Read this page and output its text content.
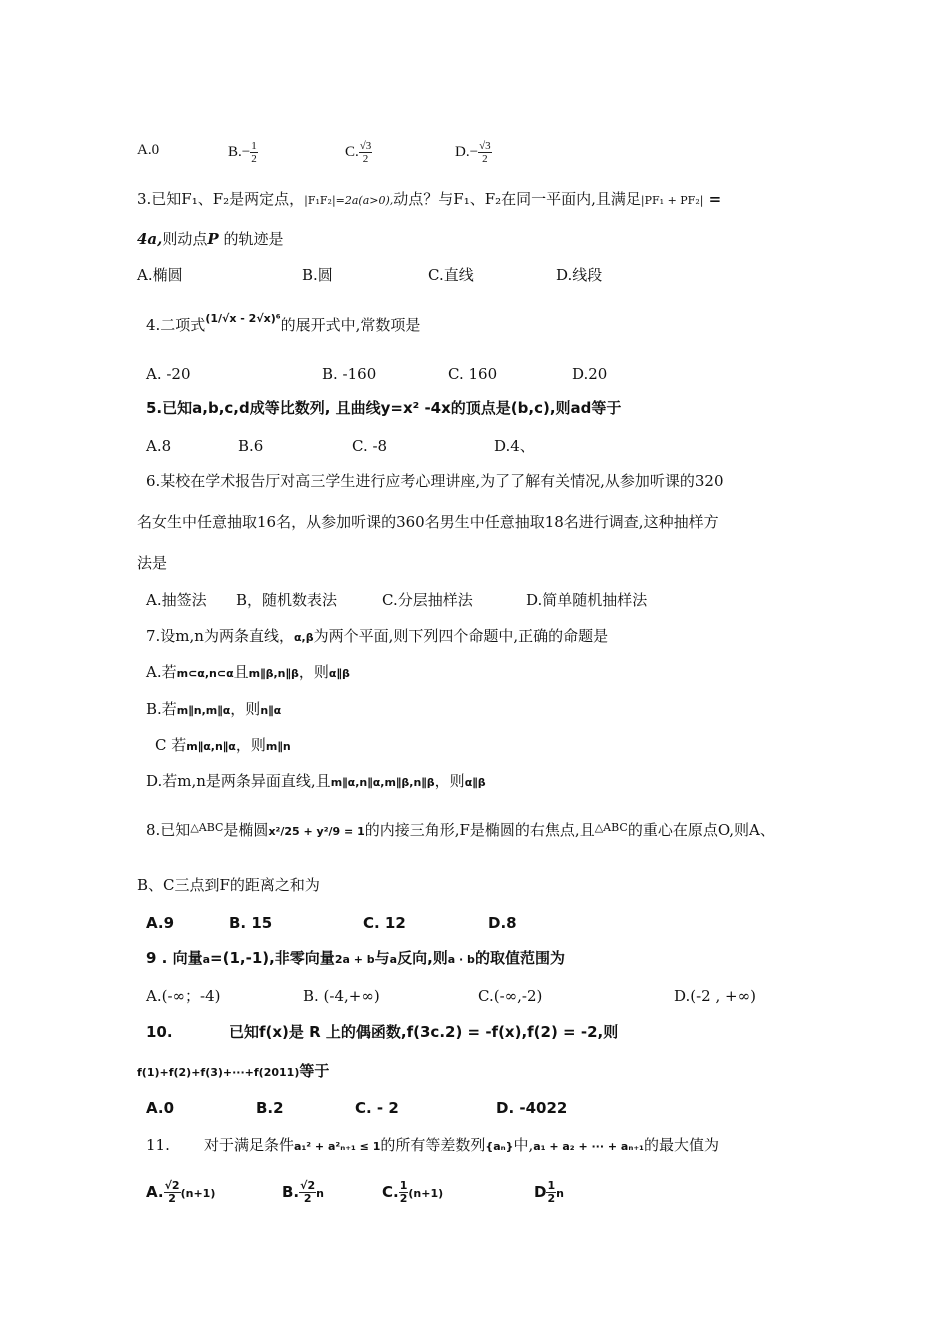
A.0	$B.- \frac{1}{2}$	C. $\frac{√3}{2}$	$D.- \frac{√3}{2}$
3.已知F₁、F₂是两定点，|F₁F₂|=2a(a>0),动点？与F₁、F₂在同一平面内,且满足|PF₁ + PF₂| =
4a,则动点P 的轨迹是
A.椭圆	B.圆	C.直线	D.线段
4.二项式$^{(1/√x - 2√x)^6}$的展开式中,常数项是
A. -20	B. -160	C. 160	D.20
5.已知a,b,c,d成等比数列, 且曲线y=x² -4x的顶点是(b,c),则ad等于
A.8	B.6	C. -8	D.4、
6.某校在学术报告厅对高三学生进行应考心理讲座,为了了解有关情况,从参加听课的320
名女生中任意抽取16名，从参加听课的360名男生中任意抽取18名进行调查,这种抽样方
法是
A.抽签法 B，随机数表法	C.分层抽样法	D.简单随机抽样法
7.设m,n为两条直线，α,β为两个平面,则下列四个命题中,正确的命题是
A.若m⊂α,n⊂α且m∥β,n∥β，则α∥β
B.若m∥n,m∥α，则n∥α
C 若m∥α,n∥α，则m∥n
D.若m,n是两条异面直线,且m∥α,n∥α,m∥β,n∥β，则α∥β
8.已知$^{\triangle ABC}$是椭圆x²/25 + y²/9 = 1的内接三角形,F是椭圆的右焦点,且$^{\triangle ABC}$的重心在原点O,则A、
B、C三点到F的距离之和为
A.9	B. 15	C. 12	D.8
9 . 向量a=(1,-1),非零向量2a + b与a反向,则a · b的取值范围为
A.(-∞；-4)	B. (-4,+∞)	C.(-∞,-2)	D.(-2 , +∞)
10.	已知f(x)是 R 上的偶函数,f(3c.2) = -f(x),f(2) = -2,则
f(1)+f(2)+f(3)+···+f(2011)等于
A.0	B.2	C. - 2	D. -4022
11. 对于满足条件a₁² + a²ₙ₊₁ ≤ 1的所有等差数列{aₙ}中,a₁ + a₂ + ··· + aₙ₊₁的最大值为
A. $\frac{√2}{2} (n+1)$	B. $\frac{√2}{2}$ n	C. $\frac{1}{2} (n+1)$	D $\frac{1}{2}$ n
